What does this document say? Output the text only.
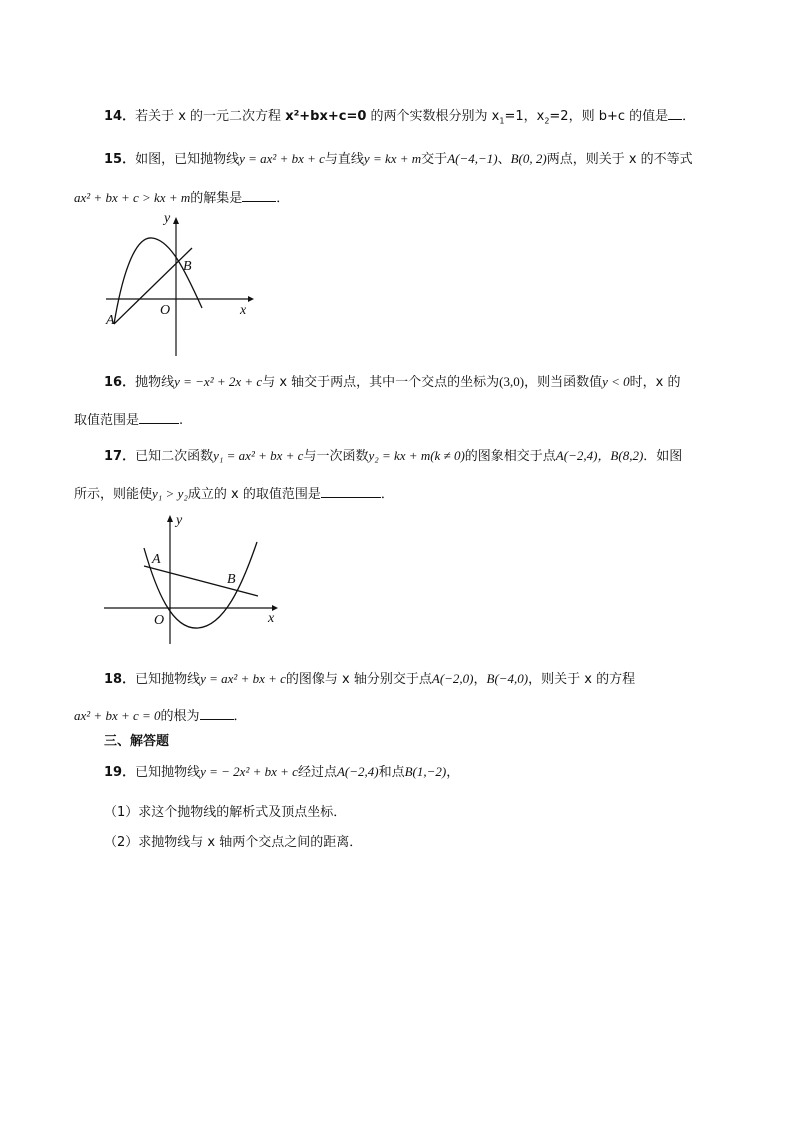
14．若关于 x 的一元二次方程 x²+bx+c=0 的两个实数根分别为 $x_1=1$，$x_2=2$，则 b+c 的值是 ．
15．如图，已知抛物线y = ax² + bx + c与直线y = kx + m交于A(−4,−1)、B(0, 2)两点，则关于 x 的不等式
ax² + bx + c > kx + m的解集是	．
y
x
O
A
B
16．抛物线y = −x² + 2x + c与 x 轴交于两点，其中一个交点的坐标为(3,0)，则当函数值y < 0时，x 的
取值范围是	.
17．已知二次函数y₁ = ax² + bx + c与一次函数y₂ = kx + m(k ≠ 0)的图象相交于点A(−2,4)，B(8,2)．如图
所示，则能使y₁ > y₂成立的 x 的取值范围是	．
y
x
O
A
B
18．已知抛物线y = ax² + bx + c的图像与 x 轴分别交于点A(−2,0)，B(−4,0)，则关于 x 的方程
ax² + bx + c = 0的根为	．
三、解答题
19．已知抛物线y = − 2x² + bx + c经过点A(−2,4)和点B(1,−2)，
（1）求这个抛物线的解析式及顶点坐标．
（2）求抛物线与 x 轴两个交点之间的距离．
